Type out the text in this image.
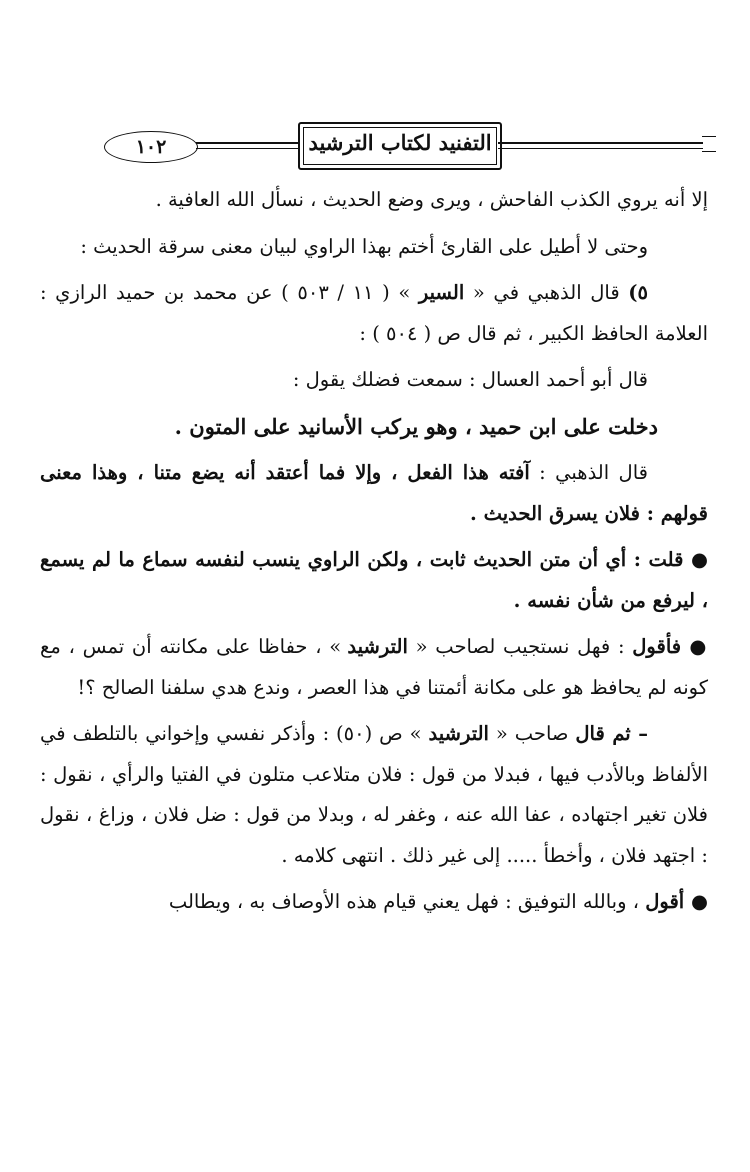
التفنيد لكتاب الترشيد
١٠٢

إلا أنه يروي الكذب الفاحش ، ويرى وضع الحديث ، نسأل الله العافية .

وحتى لا أطيل على القارئ أختم بهذا الراوي لبيان معنى سرقة الحديث :

٥) قال الذهبي في « السير » ( ١١ / ٥٠٣ ) عن محمد بن حميد الرازي : العلامة الحافظ الكبير ، ثم قال ص ( ٥٠٤ ) :

قال أبو أحمد العسال : سمعت فضلك يقول :

دخلت على ابن حميد ، وهو يركب الأسانيد على المتون .

قال الذهبي : آفته هذا الفعل ، وإلا فما أعتقد أنه يضع متنا ، وهذا معنى قولهم : فلان يسرق الحديث .

● قلت : أي أن متن الحديث ثابت ، ولكن الراوي ينسب لنفسه سماع ما لم يسمع ، ليرفع من شأن نفسه .

● فأقول : فهل نستجيب لصاحب « الترشيد » ، حفاظا على مكانته أن تمس ، مع كونه لم يحافظ هو على مكانة أئمتنا في هذا العصر ، وندع هدي سلفنا الصالح ؟!

– ثم قال صاحب « الترشيد » ص (٥٠) : وأذكر نفسي وإخواني بالتلطف في الألفاظ وبالأدب فيها ، فبدلا من قول : فلان متلاعب متلون في الفتيا والرأي ، نقول : فلان تغير اجتهاده ، عفا الله عنه ، وغفر له ، وبدلا من قول : ضل فلان ، وزاغ ، نقول : اجتهد فلان ، وأخطأ ..... إلى غير ذلك . انتهى كلامه .

● أقول ، وبالله التوفيق : فهل يعني قيام هذه الأوصاف به ، ويطالب
